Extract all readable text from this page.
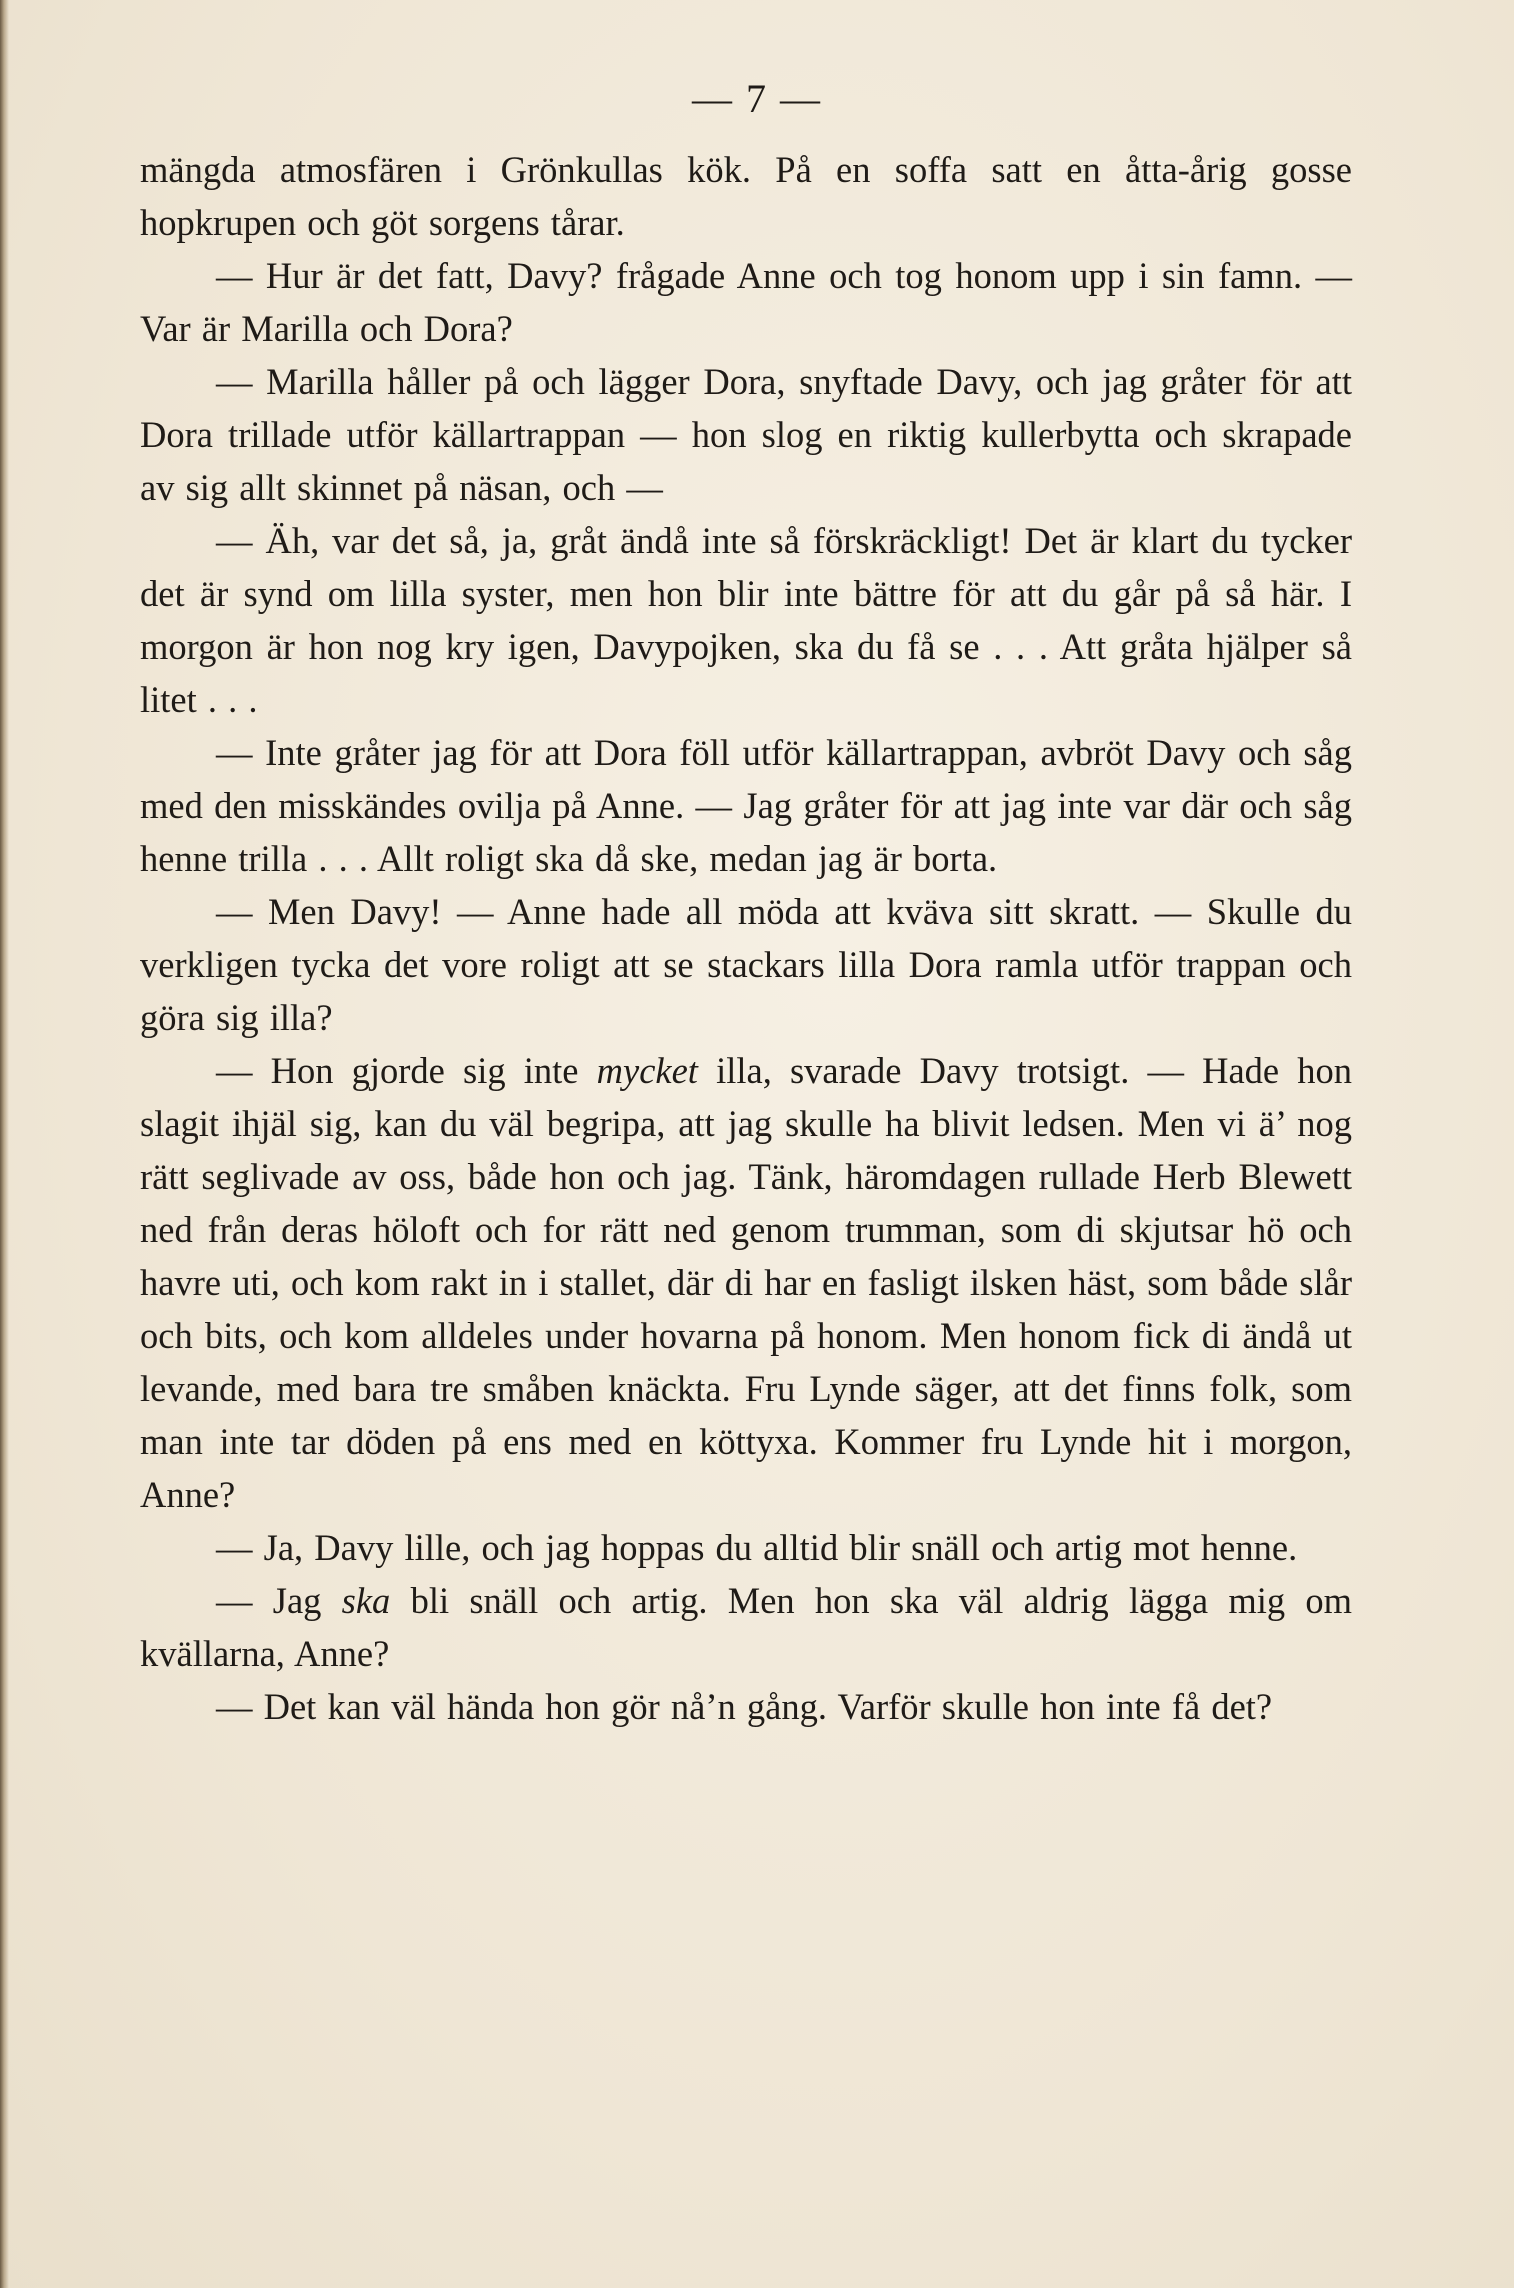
— 7 —

mängda atmosfären i Grönkullas kök. På en soffa satt en åtta-årig gosse hopkrupen och göt sorgens tårar.

— Hur är det fatt, Davy? frågade Anne och tog honom upp i sin famn. — Var är Marilla och Dora?

— Marilla håller på och lägger Dora, snyftade Davy, och jag gråter för att Dora trillade utför källartrappan — hon slog en riktig kullerbytta och skrapade av sig allt skinnet på näsan, och —

— Äh, var det så, ja, gråt ändå inte så förskräckligt! Det är klart du tycker det är synd om lilla syster, men hon blir inte bättre för att du går på så här. I morgon är hon nog kry igen, Davypojken, ska du få se . . . Att gråta hjälper så litet . . .

— Inte gråter jag för att Dora föll utför källartrappan, avbröt Davy och såg med den misskändes ovilja på Anne. — Jag gråter för att jag inte var där och såg henne trilla . . . Allt roligt ska då ske, medan jag är borta.

— Men Davy! — Anne hade all möda att kväva sitt skratt. — Skulle du verkligen tycka det vore roligt att se stackars lilla Dora ramla utför trappan och göra sig illa?

— Hon gjorde sig inte mycket illa, svarade Davy trotsigt. — Hade hon slagit ihjäl sig, kan du väl begripa, att jag skulle ha blivit ledsen. Men vi ä’ nog rätt seglivade av oss, både hon och jag. Tänk, häromdagen rullade Herb Blewett ned från deras höloft och for rätt ned genom trumman, som di skjutsar hö och havre uti, och kom rakt in i stallet, där di har en fasligt ilsken häst, som både slår och bits, och kom alldeles under hovarna på honom. Men honom fick di ändå ut levande, med bara tre småben knäckta. Fru Lynde säger, att det finns folk, som man inte tar döden på ens med en köttyxa. Kommer fru Lynde hit i morgon, Anne?

— Ja, Davy lille, och jag hoppas du alltid blir snäll och artig mot henne.

— Jag ska bli snäll och artig. Men hon ska väl aldrig lägga mig om kvällarna, Anne?

— Det kan väl hända hon gör nå’n gång. Varför skulle hon inte få det?
